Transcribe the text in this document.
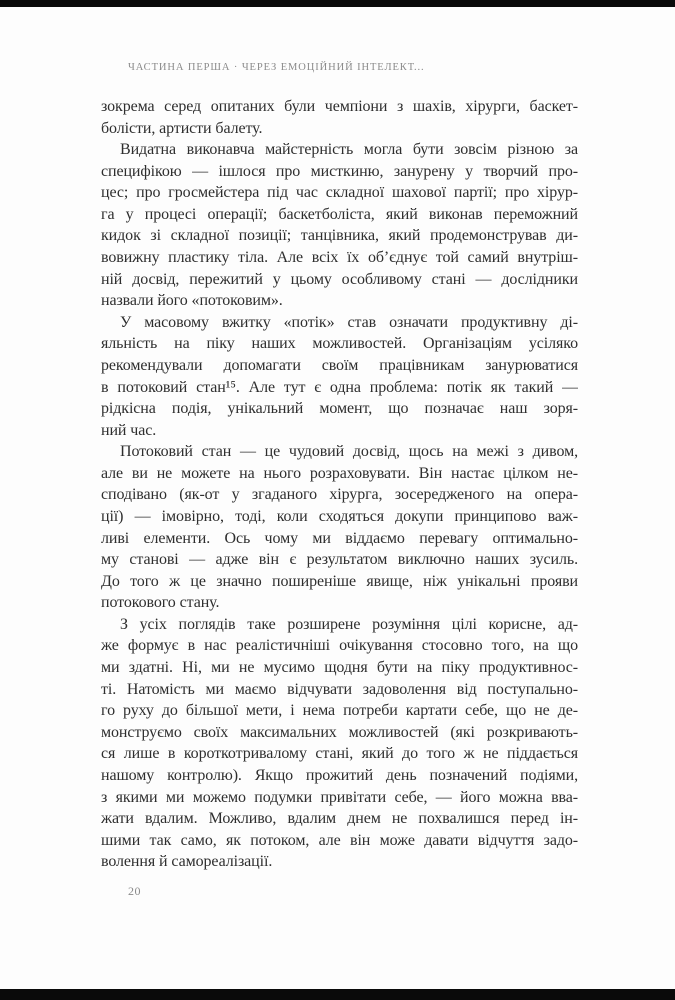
ЧАСТИНА ПЕРША · ЧЕРЕЗ ЕМОЦІЙНИЙ ІНТЕЛЕКТ...
зокрема серед опитаних були чемпіони з шахів, хірурги, баскет-
болісти, артисти балету.
Видатна виконавча майстерність могла бути зовсім різною за
специфікою — ішлося про мисткиню, занурену у творчий про-
цес; про гросмейстера під час складної шахової партії; про хірур-
га у процесі операції; баскетболіста, який виконав переможний
кидок зі складної позиції; танцівника, який продемонстрував ди-
вовижну пластику тіла. Але всіх їх об’єднує той самий внутріш-
ній досвід, пережитий у цьому особливому стані — дослідники
назвали його «потоковим».
У масовому вжитку «потік» став означати продуктивну ді-
яльність на піку наших можливостей. Організаціям усіляко
рекомендували допомагати своїм працівникам занурюватися
в потоковий стан¹⁵. Але тут є одна проблема: потік як такий —
рідкісна подія, унікальний момент, що позначає наш зоря-
ний час.
Потоковий стан — це чудовий досвід, щось на межі з дивом,
але ви не можете на нього розраховувати. Він настає цілком не-
сподівано (як-от у згаданого хірурга, зосередженого на опера-
ції) — імовірно, тоді, коли сходяться докупи принципово важ-
ливі елементи. Ось чому ми віддаємо перевагу оптимально-
му станові — адже він є результатом виключно наших зусиль.
До того ж це значно поширеніше явище, ніж унікальні прояви
потокового стану.
З усіх поглядів таке розширене розуміння цілі корисне, ад-
же формує в нас реалістичніші очікування стосовно того, на що
ми здатні. Ні, ми не мусимо щодня бути на піку продуктивнос-
ті. Натомість ми маємо відчувати задоволення від поступально-
го руху до більшої мети, і нема потреби картати себе, що не де-
монструємо своїх максимальних можливостей (які розкривають-
ся лише в короткотривалому стані, який до того ж не піддається
нашому контролю). Якщо прожитий день позначений подіями,
з якими ми можемо подумки привітати себе, — його можна вва-
жати вдалим. Можливо, вдалим днем не похвалишся перед ін-
шими так само, як потоком, але він може давати відчуття задо-
волення й самореалізації.
20
